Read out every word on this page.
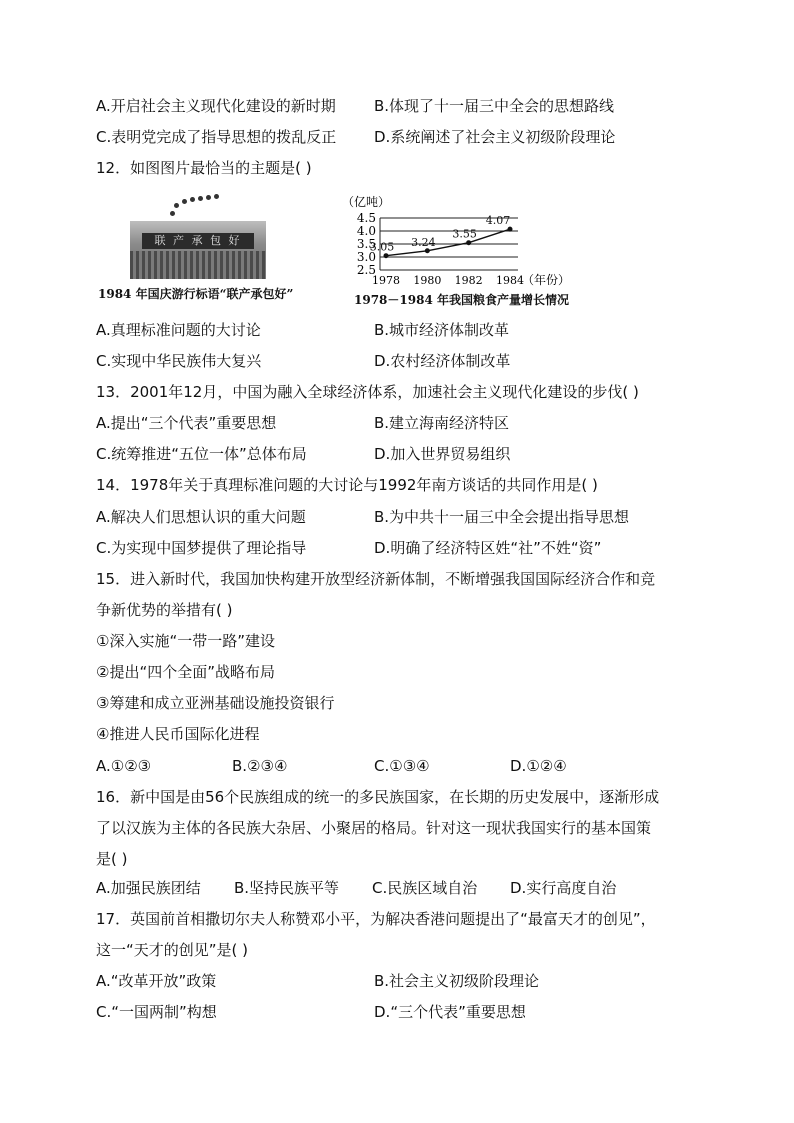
A.开启社会主义现代化建设的新时期	B.体现了十一届三中全会的思想路线
C.表明党完成了指导思想的拨乱反正	D.系统阐述了社会主义初级阶段理论
12．如图图片最恰当的主题是( )
联 产 承 包 好
1984 年国庆游行标语“联产承包好”
（亿吨）
4.5
4.0
3.5
3.0
2.5
1978 1980 1982 1984
（年份）
3.05 3.24
3.55
4.07
1978－1984 年我国粮食产量增长情况
A.真理标准问题的大讨论	B.城市经济体制改革
C.实现中华民族伟大复兴	D.农村经济体制改革
13．2001年12月，中国为融入全球经济体系，加速社会主义现代化建设的步伐( )
A.提出“三个代表”重要思想	B.建立海南经济特区
C.统筹推进“五位一体”总体布局	D.加入世界贸易组织
14．1978年关于真理标准问题的大讨论与1992年南方谈话的共同作用是( )
A.解决人们思想认识的重大问题	B.为中共十一届三中全会提出指导思想
C.为实现中国梦提供了理论指导	D.明确了经济特区姓“社”不姓“资”
15．进入新时代，我国加快构建开放型经济新体制，不断增强我国国际经济合作和竞
争新优势的举措有( )
①深入实施“一带一路”建设
②提出“四个全面”战略布局
③筹建和成立亚洲基础设施投资银行
④推进人民币国际化进程
A.①②③	B.②③④	C.①③④	D.①②④
16．新中国是由56个民族组成的统一的多民族国家，在长期的历史发展中，逐渐形成
了以汉族为主体的各民族大杂居、小聚居的格局。针对这一现状我国实行的基本国策
是( )
A.加强民族团结 B.坚持民族平等 C.民族区域自治 D.实行高度自治
17．英国前首相撒切尔夫人称赞邓小平，为解决香港问题提出了“最富天才的创见”，
这一“天才的创见”是( )
A.“改革开放”政策	B.社会主义初级阶段理论
C.“一国两制”构想	D.“三个代表”重要思想
